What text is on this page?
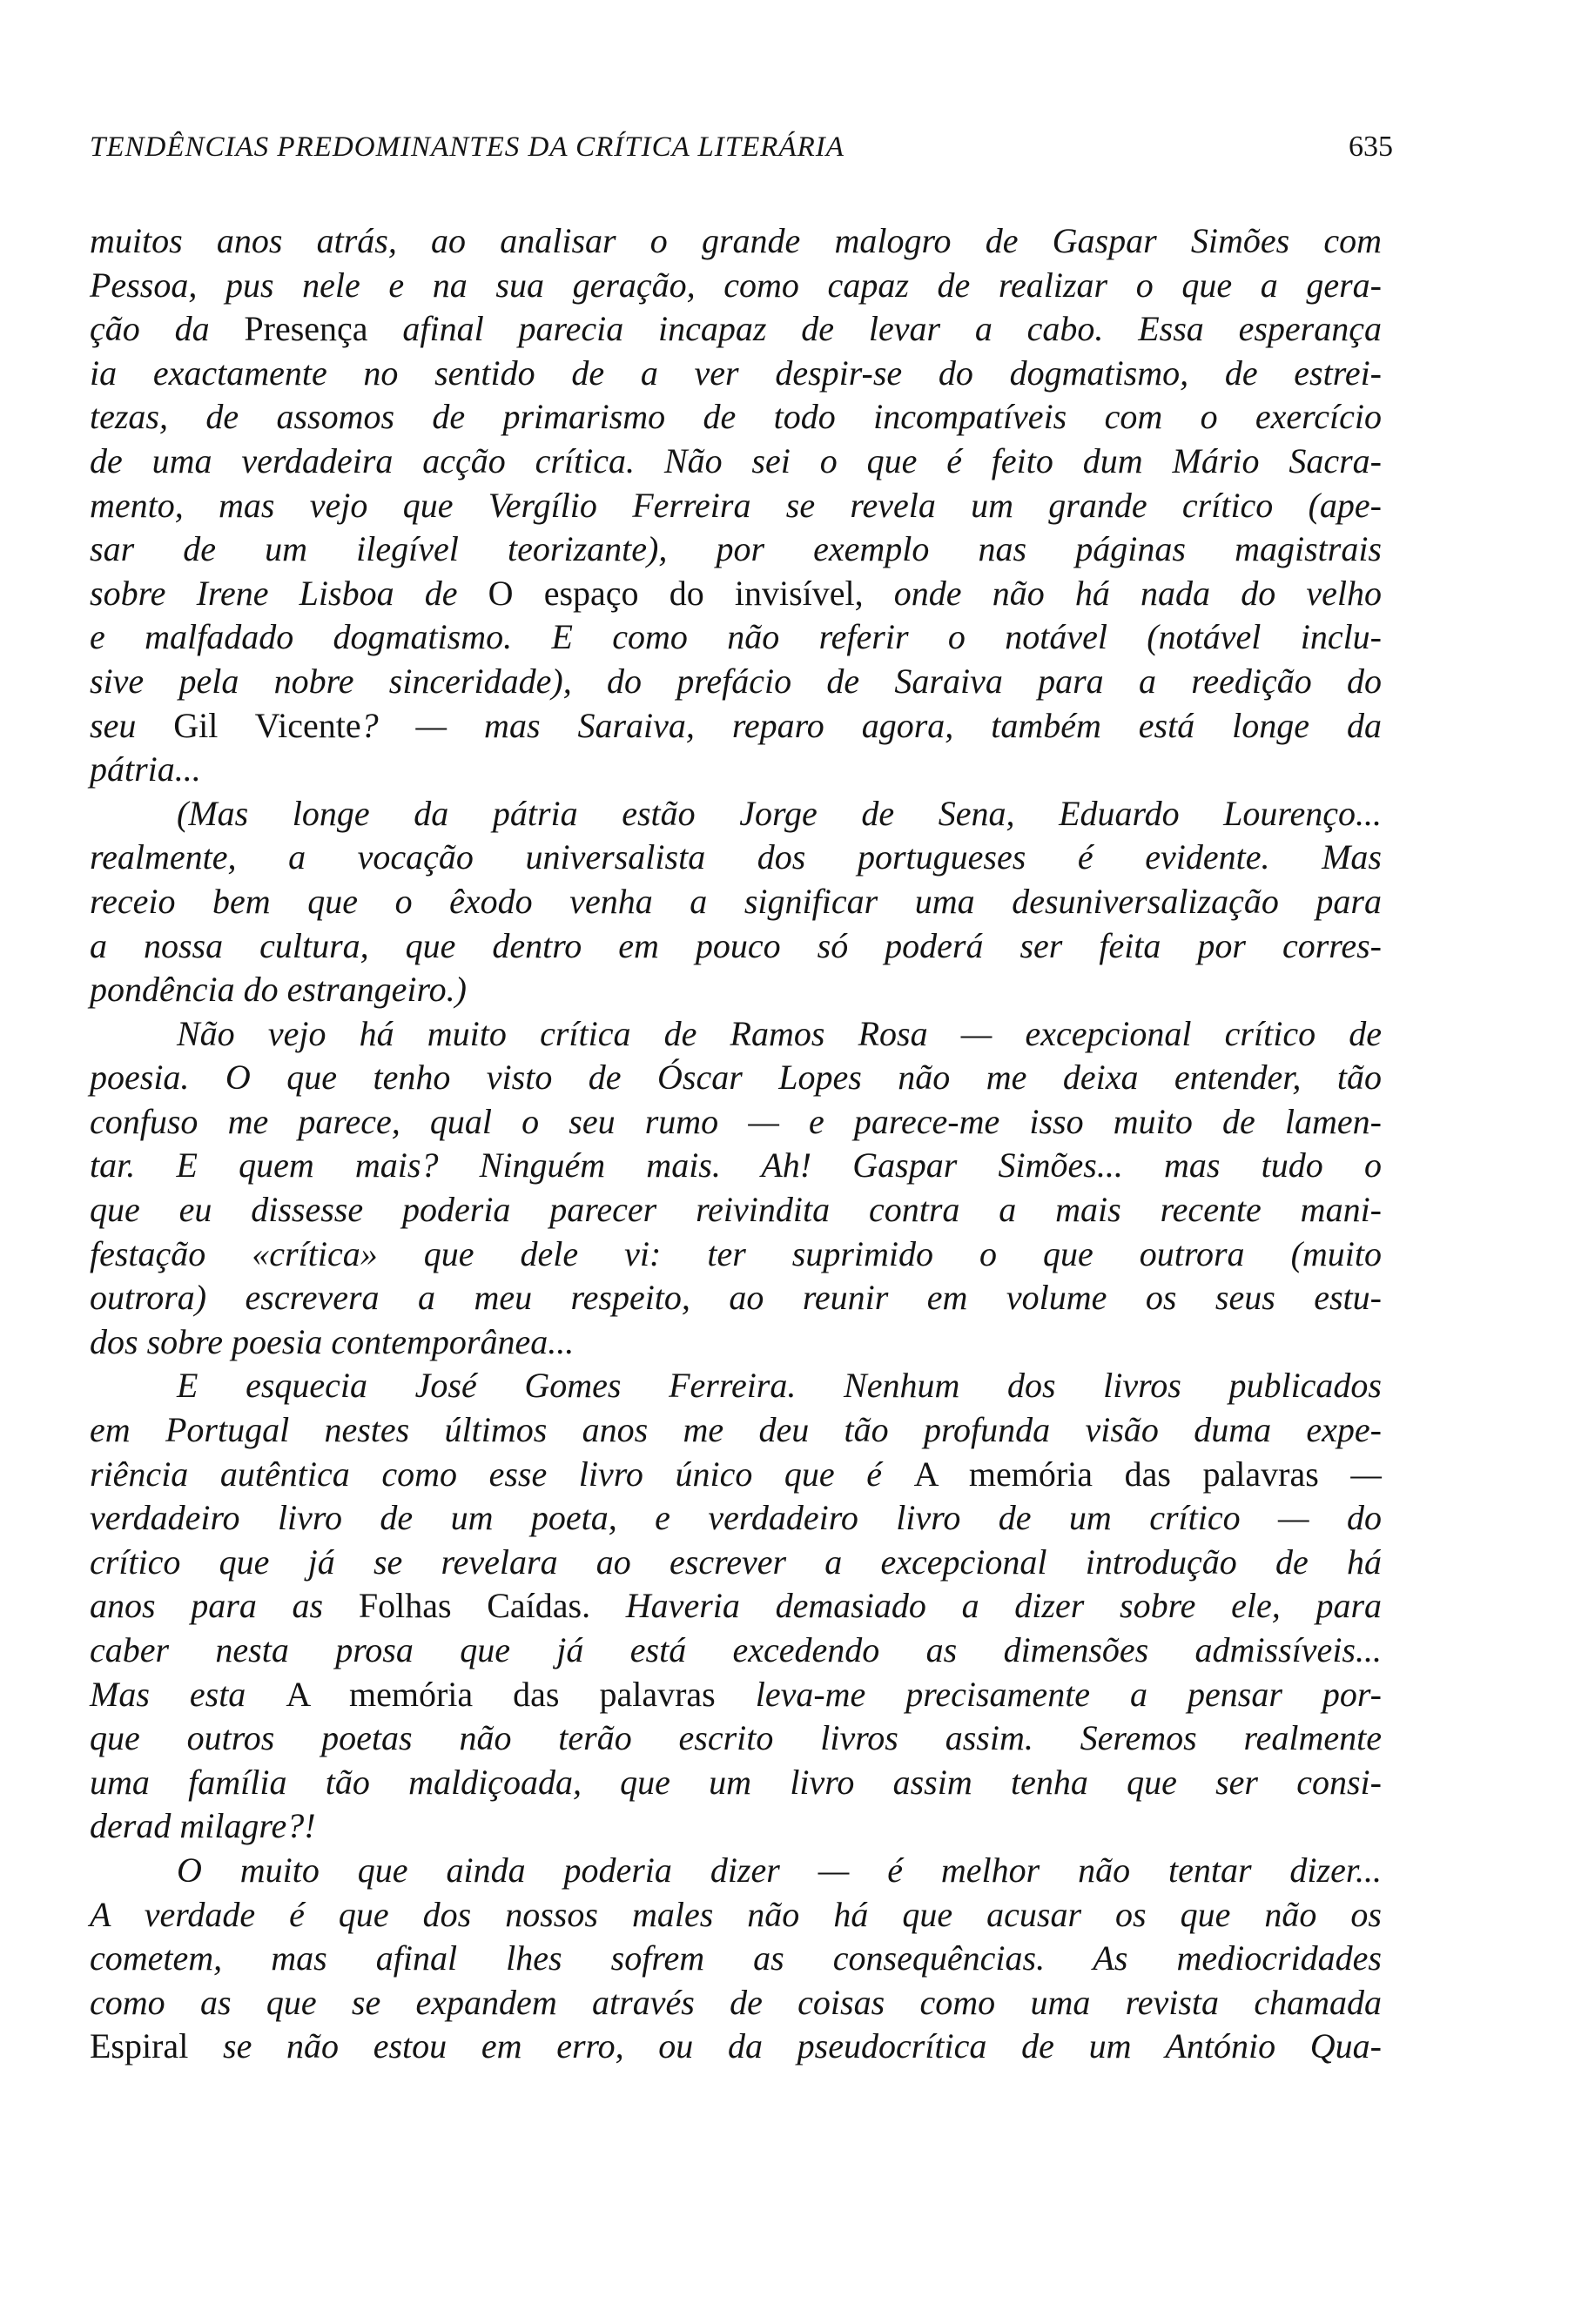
TENDÊNCIAS PREDOMINANTES DA CRÍTICA LITERÁRIA	635
muitos anos atrás, ao analisar o grande malogro de Gaspar Simões com
Pessoa, pus nele e na sua geração, como capaz de realizar o que a gera-
ção da Presença afinal parecia incapaz de levar a cabo. Essa esperança
ia exactamente no sentido de a ver despir-se do dogmatismo, de estrei-
tezas, de assomos de primarismo de todo incompatíveis com o exercício
de uma verdadeira acção crítica. Não sei o que é feito dum Mário Sacra-
mento, mas vejo que Vergílio Ferreira se revela um grande crítico (ape-
sar de um ilegível teorizante), por exemplo nas páginas magistrais
sobre Irene Lisboa de O espaço do invisível, onde não há nada do velho
e malfadado dogmatismo. E como não referir o notável (notável inclu-
sive pela nobre sinceridade), do prefácio de Saraiva para a reedição do
seu Gil Vicente? — mas Saraiva, reparo agora, também está longe da
pátria...
(Mas longe da pátria estão Jorge de Sena, Eduardo Lourenço...
realmente, a vocação universalista dos portugueses é evidente. Mas
receio bem que o êxodo venha a significar uma desuniversalização para
a nossa cultura, que dentro em pouco só poderá ser feita por corres-
pondência do estrangeiro.)
Não vejo há muito crítica de Ramos Rosa — excepcional crítico de
poesia. O que tenho visto de Óscar Lopes não me deixa entender, tão
confuso me parece, qual o seu rumo — e parece-me isso muito de lamen-
tar. E quem mais? Ninguém mais. Ah! Gaspar Simões... mas tudo o
que eu dissesse poderia parecer reivindita contra a mais recente mani-
festação «crítica» que dele vi: ter suprimido o que outrora (muito
outrora) escrevera a meu respeito, ao reunir em volume os seus estu-
dos sobre poesia contemporânea...
E esquecia José Gomes Ferreira. Nenhum dos livros publicados
em Portugal nestes últimos anos me deu tão profunda visão duma expe-
riência autêntica como esse livro único que é A memória das palavras —
verdadeiro livro de um poeta, e verdadeiro livro de um crítico — do
crítico que já se revelara ao escrever a excepcional introdução de há
anos para as Folhas Caídas. Haveria demasiado a dizer sobre ele, para
caber nesta prosa que já está excedendo as dimensões admissíveis...
Mas esta A memória das palavras leva-me precisamente a pensar por-
que outros poetas não terão escrito livros assim. Seremos realmente
uma família tão maldiçoada, que um livro assim tenha que ser consi-
derad milagre?!
O muito que ainda poderia dizer — é melhor não tentar dizer...
A verdade é que dos nossos males não há que acusar os que não os
cometem, mas afinal lhes sofrem as consequências. As mediocridades
como as que se expandem através de coisas como uma revista chamada
Espiral se não estou em erro, ou da pseudocrítica de um António Qua-
